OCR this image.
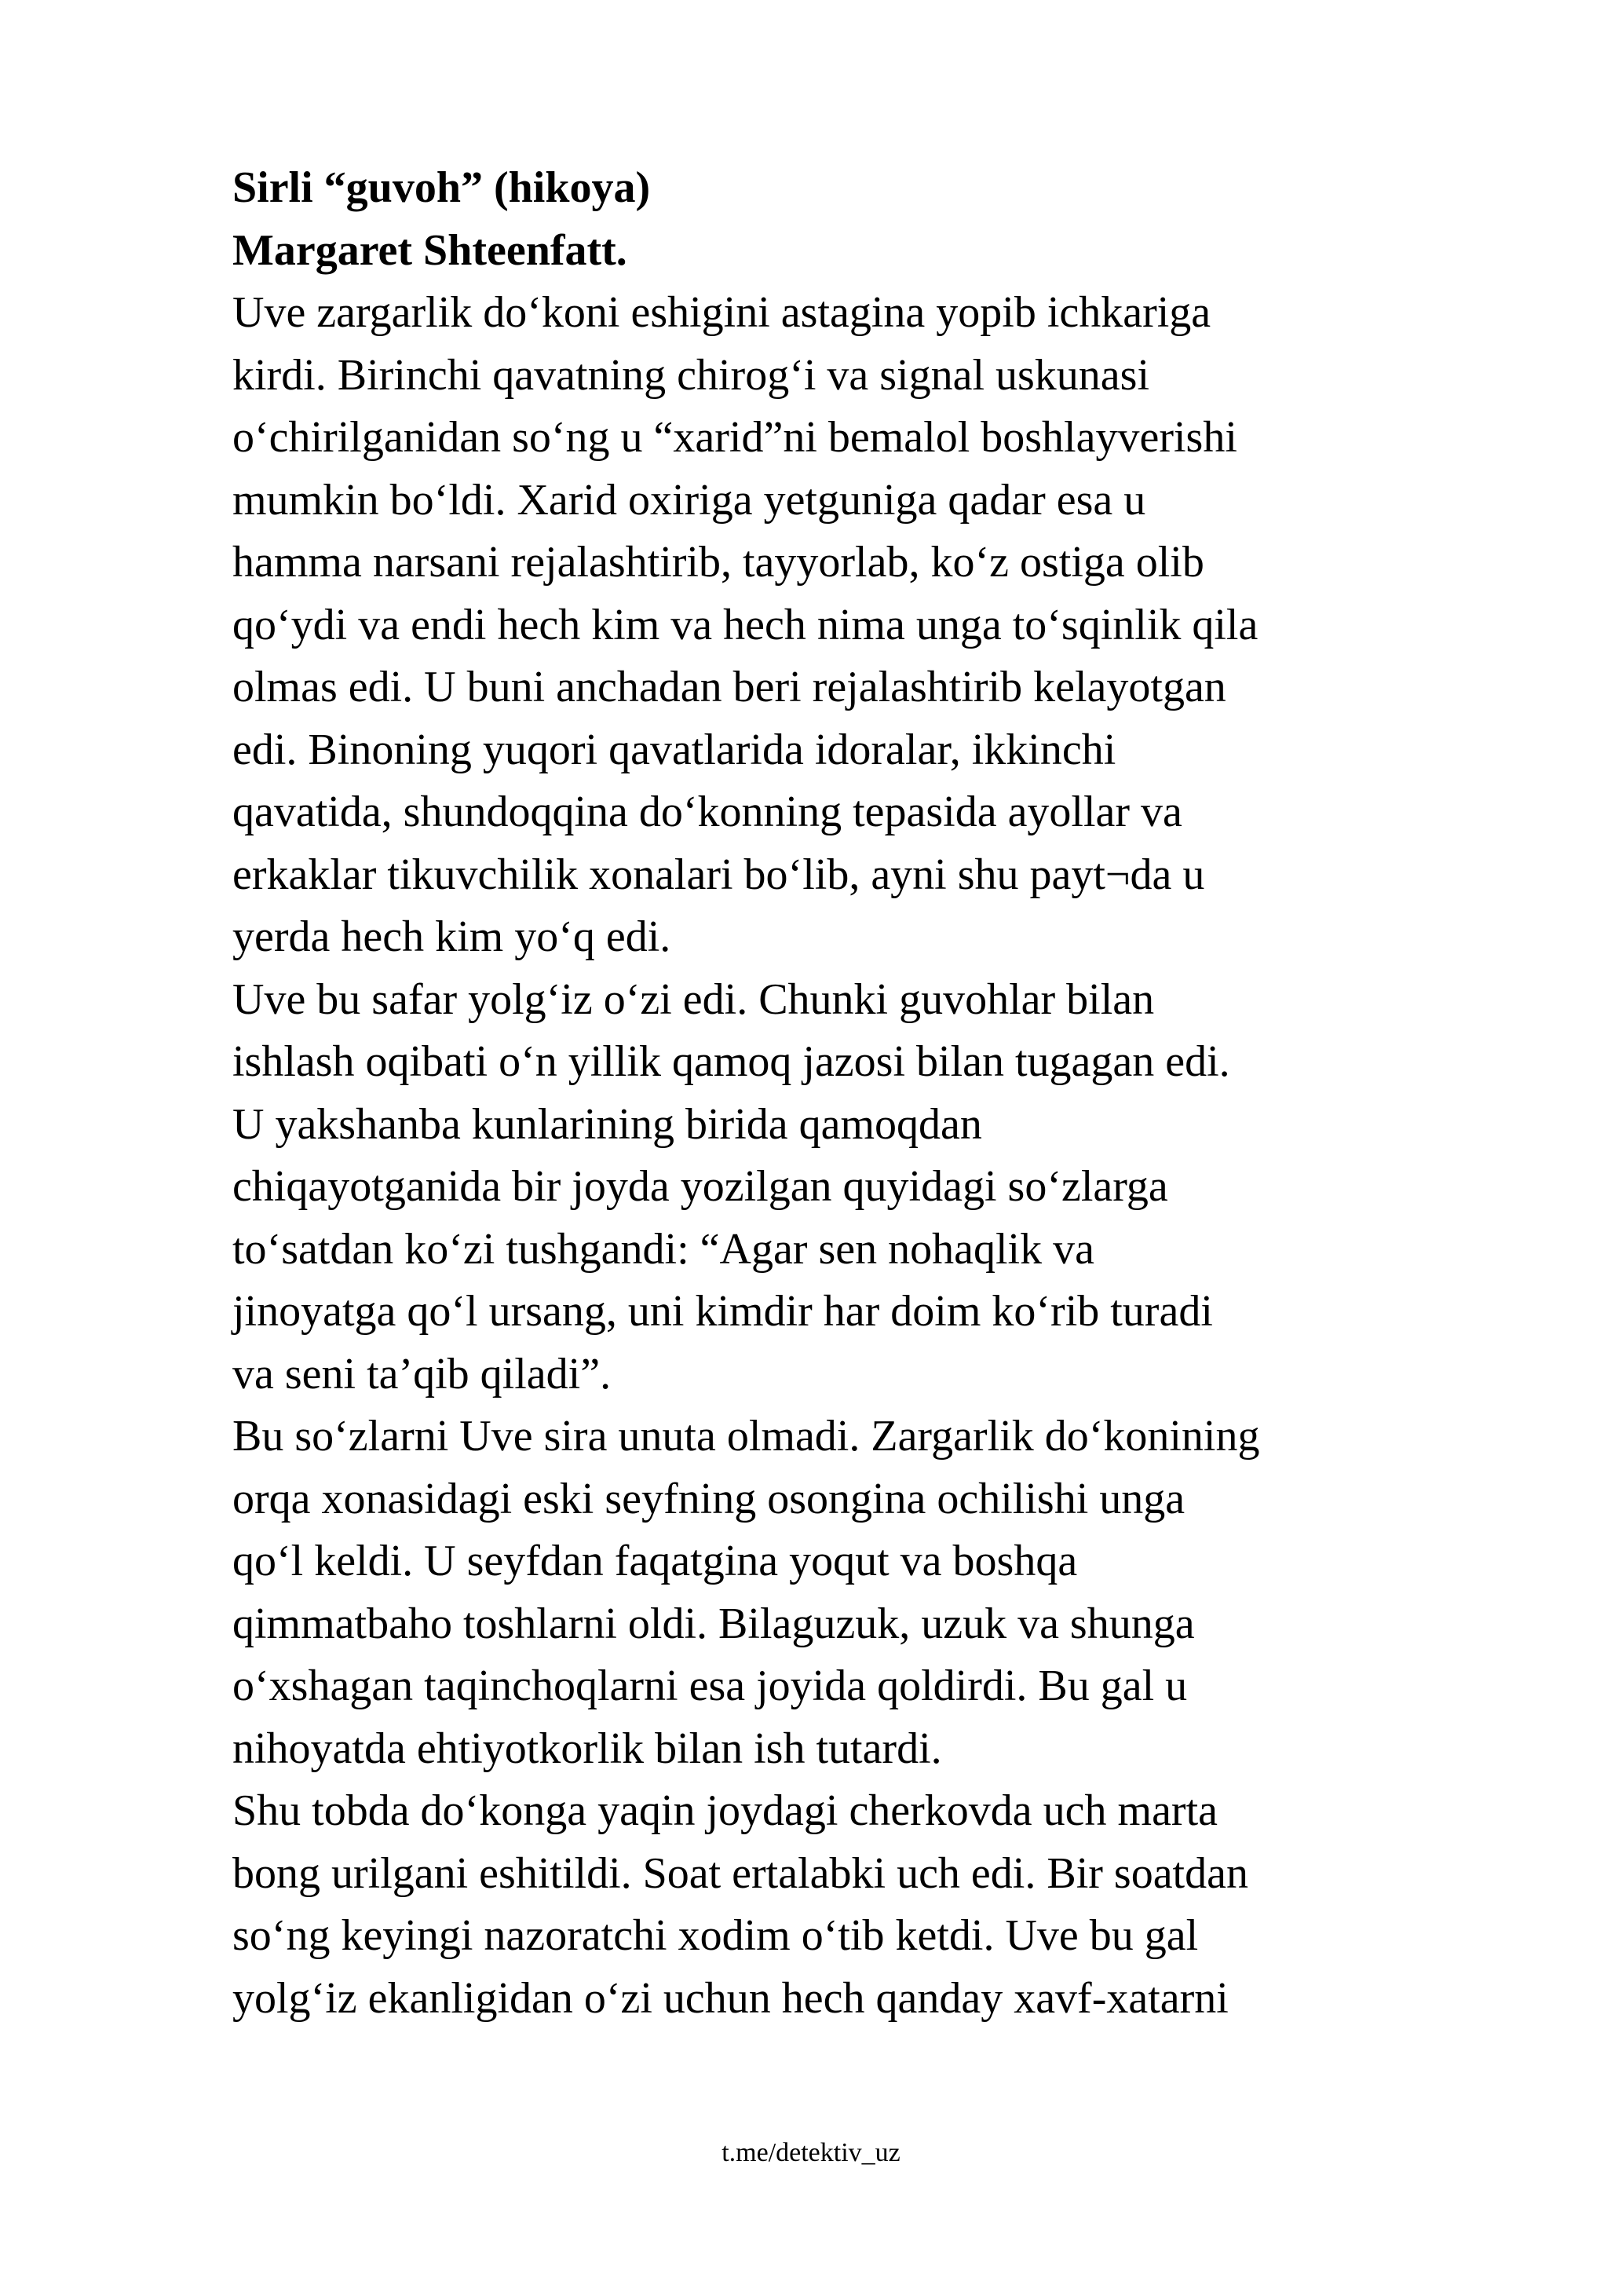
Sirli “guvoh” (hikoya)
Margaret Shteenfatt.
Uve zargarlik do‘koni eshigini astagina yopib ichkariga
kirdi. Birinchi qavatning chirog‘i va signal uskunasi
o‘chirilganidan so‘ng u “xarid”ni bemalol boshlayverishi
mumkin bo‘ldi. Xarid oxiriga yetguniga qadar esa u
hamma narsani rejalashtirib, tayyorlab, ko‘z ostiga olib
qo‘ydi va endi hech kim va hech nima unga to‘sqinlik qila
olmas edi. U buni anchadan beri rejalashtirib kelayotgan
edi. Binoning yuqori qavatlarida idoralar, ikkinchi
qavatida, shundoqqina do‘konning tepasida ayollar va
erkaklar tikuvchilik xonalari bo‘lib, ayni shu payt¬da u
yerda hech kim yo‘q edi.
Uve bu safar yolg‘iz o‘zi edi. Chunki guvohlar bilan
ishlash oqibati o‘n yillik qamoq jazosi bilan tugagan edi.
U yakshanba kunlarining birida qamoqdan
chiqayotganida bir joyda yozilgan quyidagi so‘zlarga
to‘satdan ko‘zi tushgandi: “Agar sen nohaqlik va
jinoyatga qo‘l ursang, uni kimdir har doim ko‘rib turadi
va seni ta’qib qiladi”.
Bu so‘zlarni Uve sira unuta olmadi. Zargarlik do‘konining
orqa xonasidagi eski seyfning osongina ochilishi unga
qo‘l keldi. U seyfdan faqatgina yoqut va boshqa
qimmatbaho toshlarni oldi. Bilaguzuk, uzuk va shunga
o‘xshagan taqinchoqlarni esa joyida qoldirdi. Bu gal u
nihoyatda ehtiyotkorlik bilan ish tutardi.
Shu tobda do‘konga yaqin joydagi cherkovda uch marta
bong urilgani eshitildi. Soat ertalabki uch edi. Bir soatdan
so‘ng keyingi nazoratchi xodim o‘tib ketdi. Uve bu gal
yolg‘iz ekanligidan o‘zi uchun hech qanday xavf-xatarni
t.me/detektiv_uz
